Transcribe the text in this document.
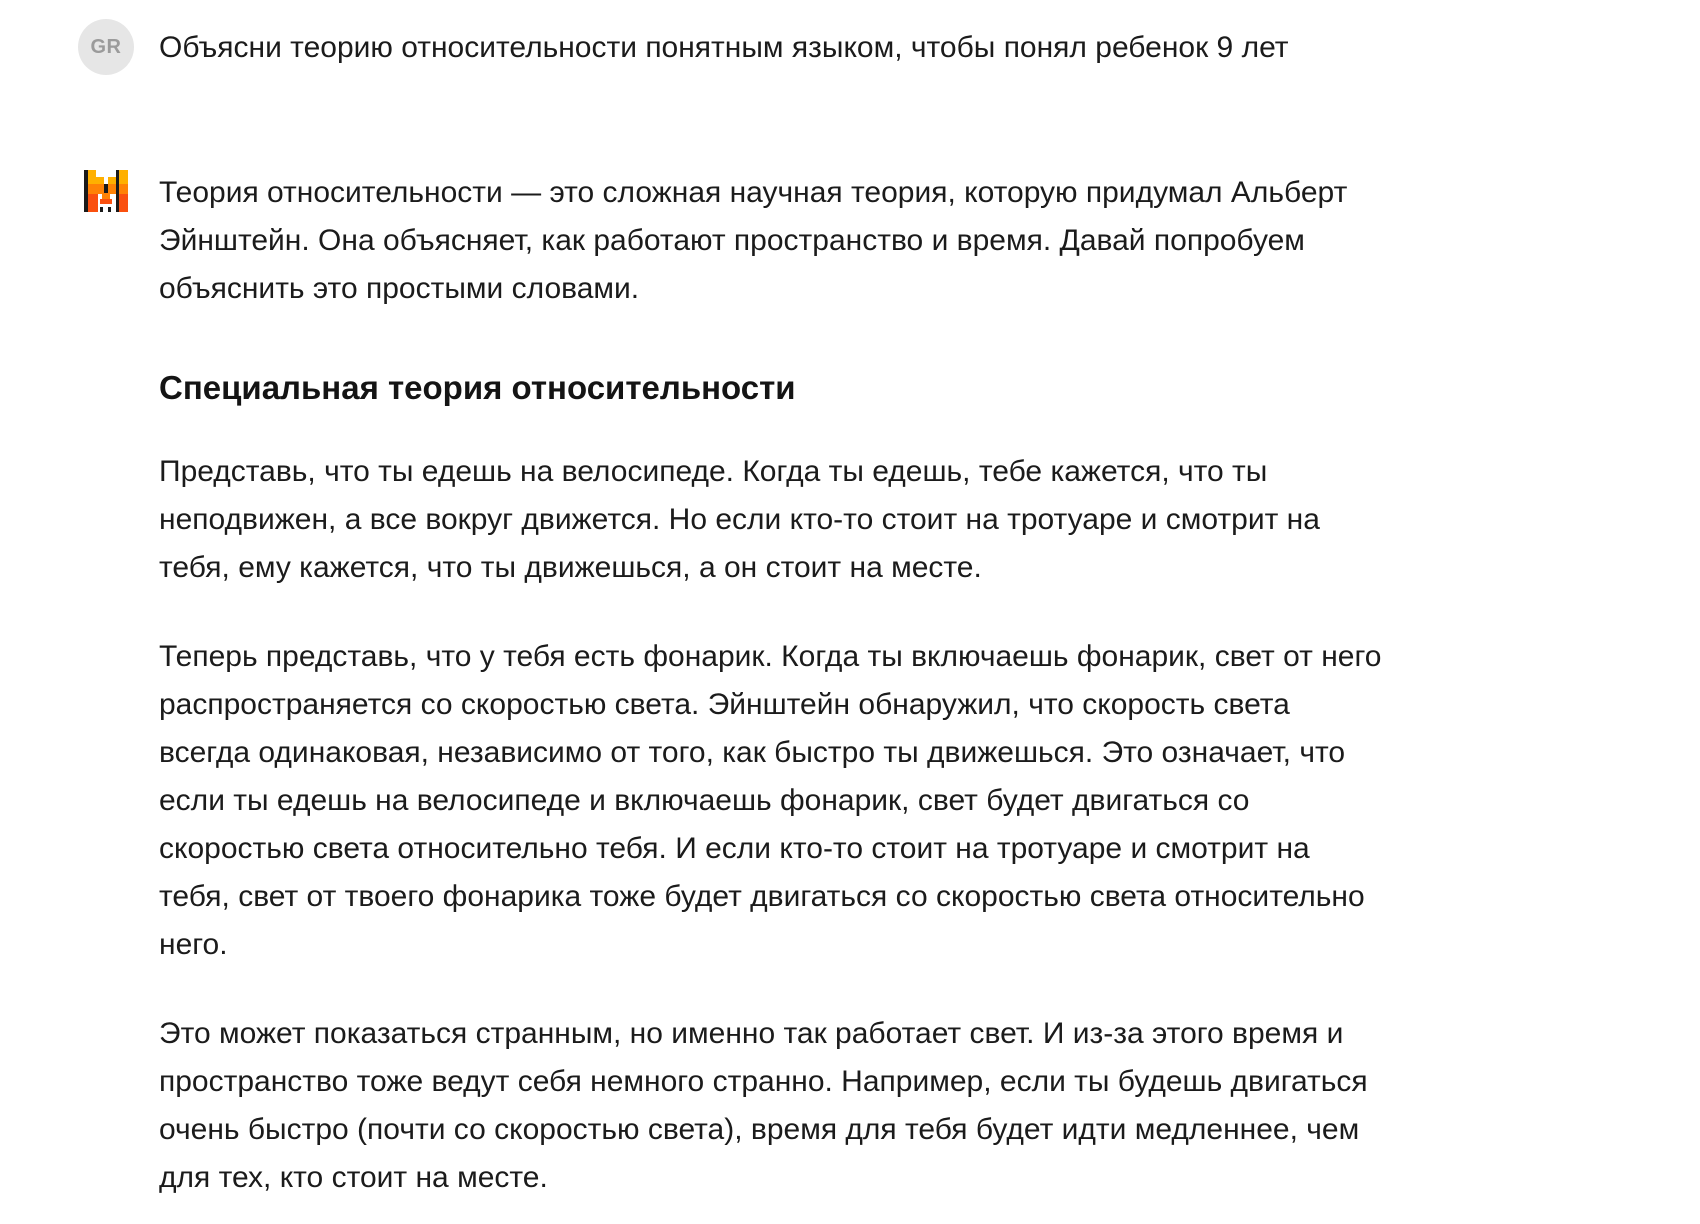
GR	Объясни теорию относительности понятным языком, чтобы понял ребенок 9 лет

Теория относительности — это сложная научная теория, которую придумал Альберт
Эйнштейн. Она объясняет, как работают пространство и время. Давай попробуем
объяснить это простыми словами.

Специальная теория относительности

Представь, что ты едешь на велосипеде. Когда ты едешь, тебе кажется, что ты
неподвижен, а все вокруг движется. Но если кто-то стоит на тротуаре и смотрит на
тебя, ему кажется, что ты движешься, а он стоит на месте.

Теперь представь, что у тебя есть фонарик. Когда ты включаешь фонарик, свет от него
распространяется со скоростью света. Эйнштейн обнаружил, что скорость света
всегда одинаковая, независимо от того, как быстро ты движешься. Это означает, что
если ты едешь на велосипеде и включаешь фонарик, свет будет двигаться со
скоростью света относительно тебя. И если кто-то стоит на тротуаре и смотрит на
тебя, свет от твоего фонарика тоже будет двигаться со скоростью света относительно
него.

Это может показаться странным, но именно так работает свет. И из-за этого время и
пространство тоже ведут себя немного странно. Например, если ты будешь двигаться
очень быстро (почти со скоростью света), время для тебя будет идти медленнее, чем
для тех, кто стоит на месте.
